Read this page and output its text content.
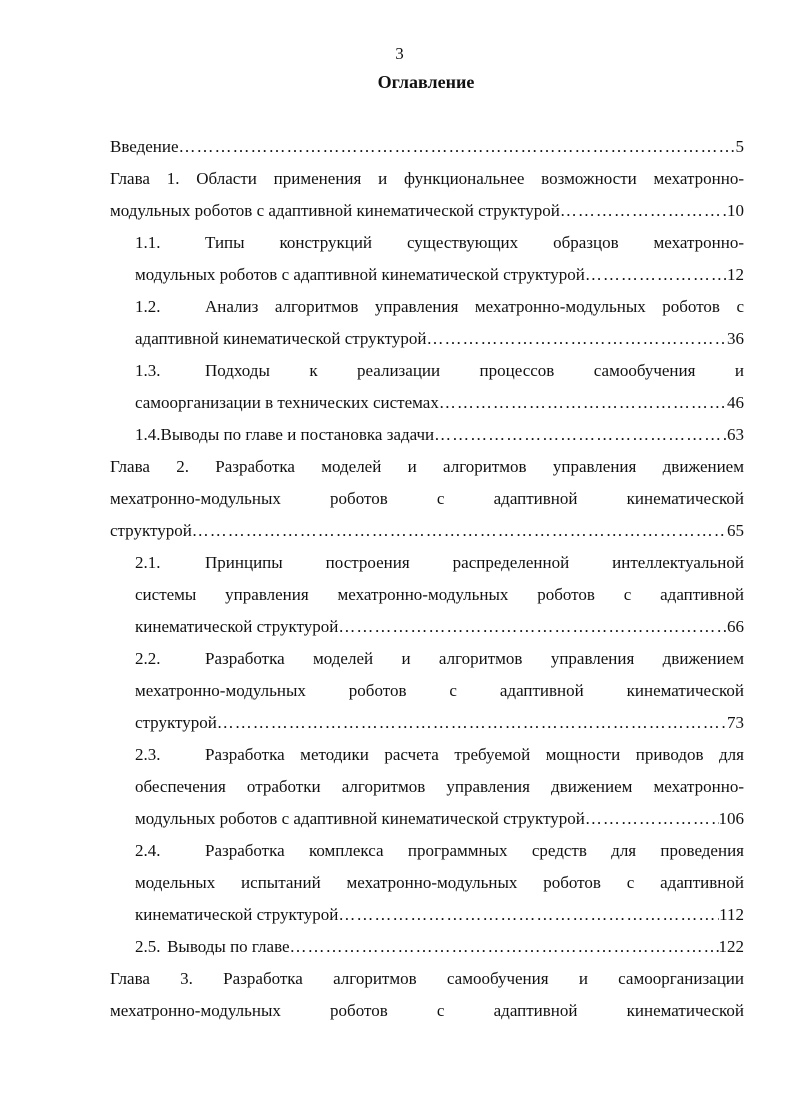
3
Оглавление
Введение …………………………………………………………………………………………………………………………………………	5
Глава 1. Области применения и функциональнее возможности мехатронно-
модульных роботов с адаптивной кинематической структурой …………………………………………………………………………………………………………………………………………	10
1.1.	Типы конструкций существующих образцов мехатронно-
модульных роботов с адаптивной кинематической структурой …………………………………………………………………………………………………………………………………………	12
1.2.	Анализ алгоритмов управления мехатронно-модульных роботов с
адаптивной кинематической структурой …………………………………………………………………………………………………………………………………………	36
1.3.	Подходы к реализации процессов самообучения и
самоорганизации в технических системах …………………………………………………………………………………………………………………………………………	46
1.4. Выводы по главе и постановка задачи …………………………………………………………………………………………………………………………………………	63
Глава 2. Разработка моделей и алгоритмов управления движением
мехатронно-модульных роботов с адаптивной кинематической
структурой …………………………………………………………………………………………………………………………………………	65
2.1.	Принципы построения распределенной интеллектуальной
системы управления мехатронно-модульных роботов с адаптивной
кинематической структурой …………………………………………………………………………………………………………………………………………	66
2.2.	Разработка моделей и алгоритмов управления движением
мехатронно-модульных роботов с адаптивной кинематической
структурой …………………………………………………………………………………………………………………………………………	73
2.3.	Разработка методики расчета требуемой мощности приводов для
обеспечения отработки алгоритмов управления движением мехатронно-
модульных роботов с адаптивной кинематической структурой …………………………………………………………………………………………………………………………………………	106
2.4.	Разработка комплекса программных средств для проведения
модельных испытаний мехатронно-модульных роботов с адаптивной
кинематической структурой …………………………………………………………………………………………………………………………………………	112
2.5. Выводы по главе …………………………………………………………………………………………………………………………………………	122
Глава 3. Разработка алгоритмов самообучения и самоорганизации
мехатронно-модульных роботов с адаптивной кинематической
